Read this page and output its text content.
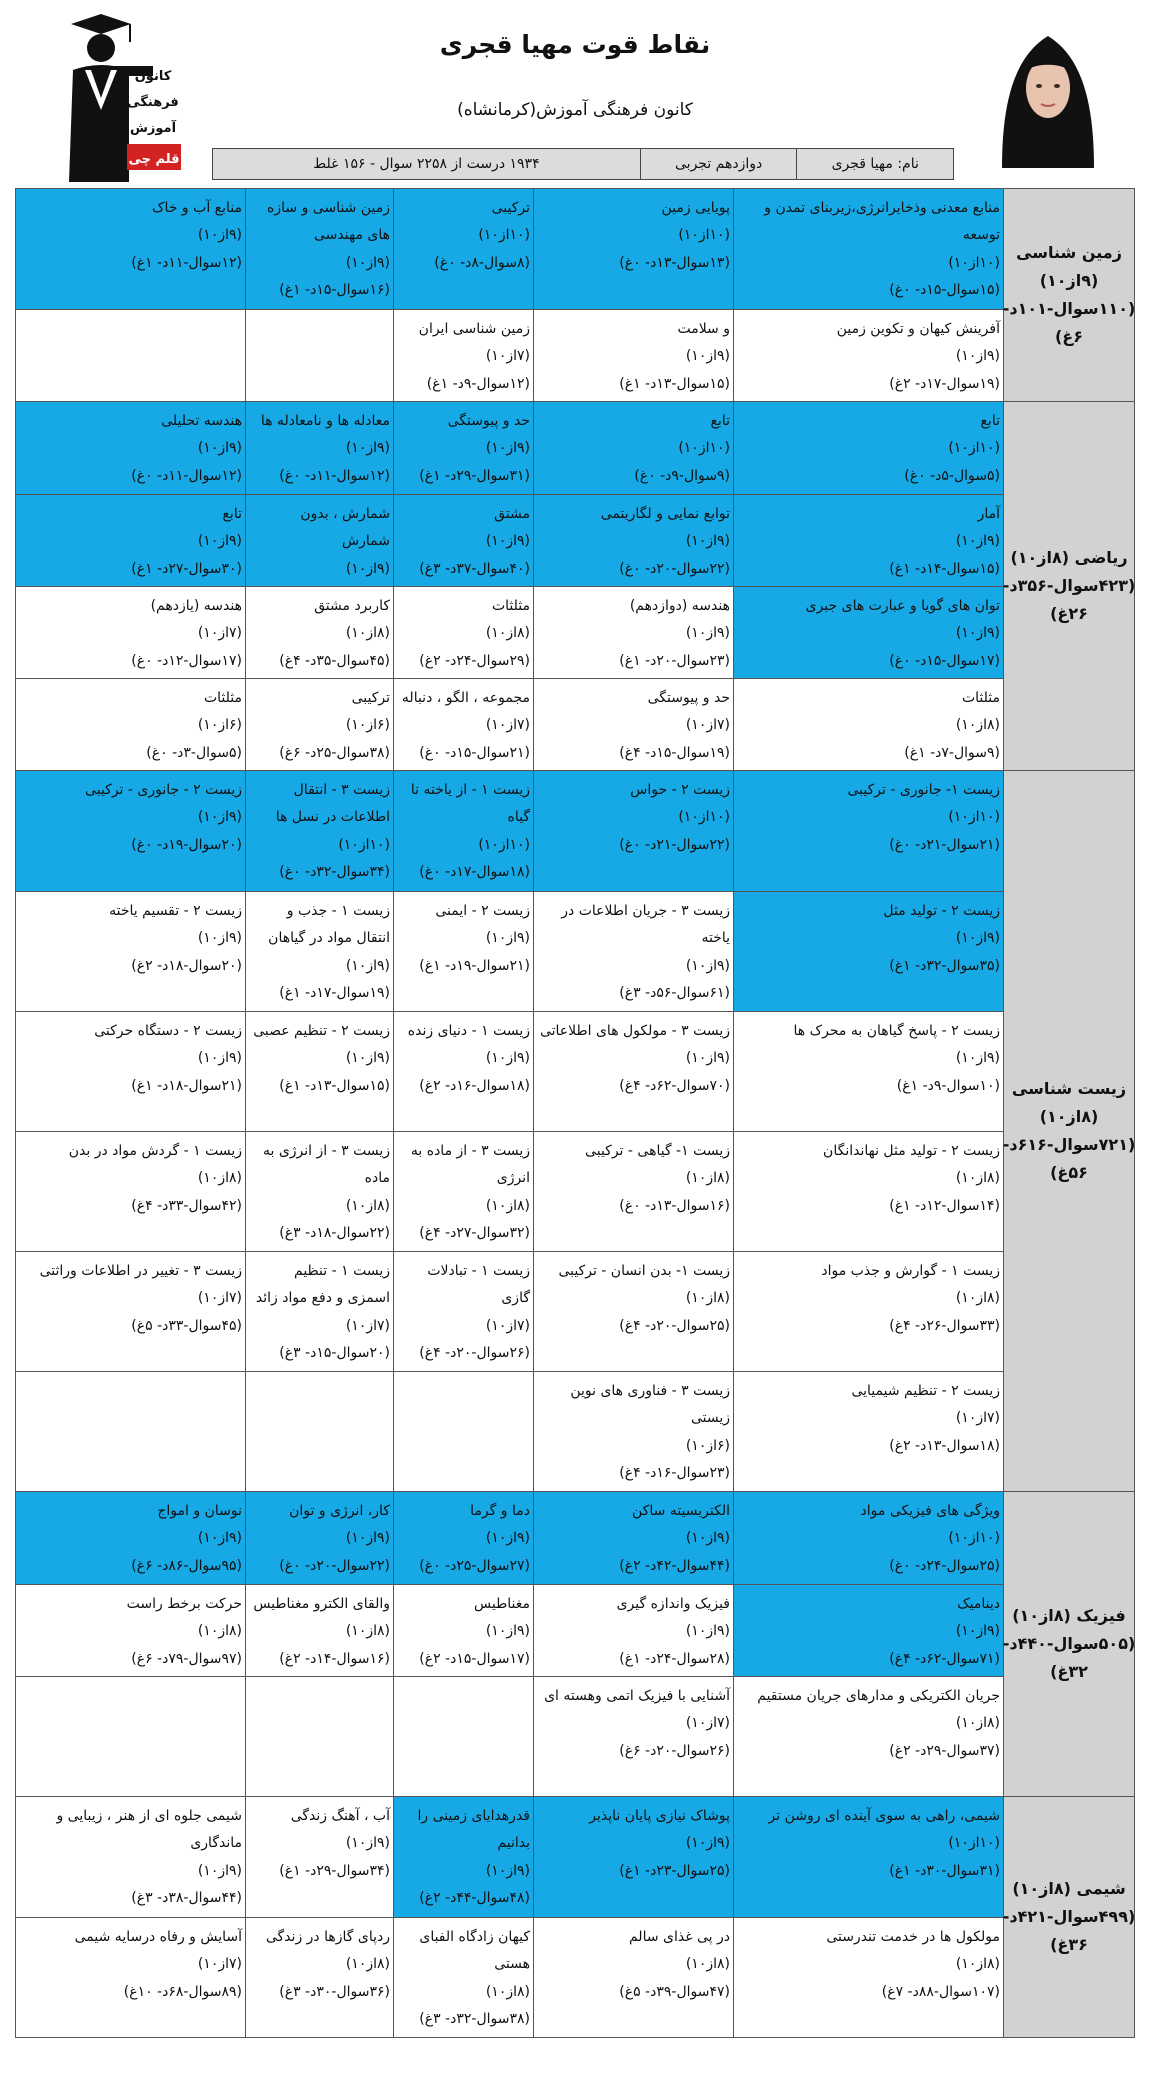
نقاط قوت مهیا قجری
کانون فرهنگی آموزش(کرمانشاه)
کانون
فرهنگی
آموزش
قلم چی	نام: مهیا قجری
دوازدهم تجربی
۱۹۳۴ درست از ۲۲۵۸ سوال - ۱۵۶ غلط
زمین شناسی (۹از۱۰) (۱۱۰سوال-۱۰۱د- ۶غ)
منابع معدنی وذخایرانرژی،زیربنای تمدن و توسعه
(۱۰از۱۰)
(۱۵سوال-۱۵د- ۰غ)
پویایی زمین
(۱۰از۱۰)
(۱۳سوال-۱۳د- ۰غ)
ترکیبی
(۱۰از۱۰)
(۸سوال-۸د- ۰غ)
زمین شناسی و سازه های مهندسی
(۹از۱۰)
(۱۶سوال-۱۵د- ۱غ)
منابع آب و خاک
(۹از۱۰)
(۱۲سوال-۱۱د- ۱غ)
آفرینش کیهان و تکوین زمین
(۹از۱۰)
(۱۹سوال-۱۷د- ۲غ)
و سلامت
(۹از۱۰)
(۱۵سوال-۱۳د- ۱غ)
زمین شناسی ایران
(۷از۱۰)
(۱۲سوال-۹د- ۱غ)
ریاضی (۸از۱۰) (۴۲۳سوال-۳۵۶د- ۲۶غ)
تابع
(۱۰از۱۰)
(۵سوال-۵د- ۰غ)
تابع
(۱۰از۱۰)
(۹سوال-۹د- ۰غ)
حد و پیوستگی
(۹از۱۰)
(۳۱سوال-۲۹د- ۱غ)
معادله ها و نامعادله ها
(۹از۱۰)
(۱۲سوال-۱۱د- ۰غ)
هندسه تحلیلی
(۹از۱۰)
(۱۲سوال-۱۱د- ۰غ)
آمار
(۹از۱۰)
(۱۵سوال-۱۴د- ۱غ)
توابع نمایی و لگاریتمی
(۹از۱۰)
(۲۲سوال-۲۰د- ۰غ)
مشتق
(۹از۱۰)
(۴۰سوال-۳۷د- ۳غ)
شمارش ، بدون شمارش
(۹از۱۰)
تابع
(۹از۱۰)
(۳۰سوال-۲۷د- ۱غ)
توان های گویا و عبارت های جبری
(۹از۱۰)
(۱۷سوال-۱۵د- ۰غ)
هندسه (دوازدهم)
(۹از۱۰)
(۲۳سوال-۲۰د- ۱غ)
مثلثات
(۸از۱۰)
(۲۹سوال-۲۴د- ۲غ)
کاربرد مشتق
(۸از۱۰)
(۴۵سوال-۳۵د- ۴غ)
هندسه (یازدهم)
(۷از۱۰)
(۱۷سوال-۱۲د- ۰غ)
مثلثات
(۸از۱۰)
(۹سوال-۷د- ۱غ)
حد و پیوستگی
(۷از۱۰)
(۱۹سوال-۱۵د- ۴غ)
مجموعه ، الگو ، دنباله
(۷از۱۰)
(۲۱سوال-۱۵د- ۰غ)
ترکیبی
(۶از۱۰)
(۳۸سوال-۲۵د- ۶غ)
مثلثات
(۶از۱۰)
(۵سوال-۳د- ۰غ)
زیست شناسی (۸از۱۰) (۷۲۱سوال-۶۱۶د- ۵۶غ)
زیست ۱- جانوری - ترکیبی
(۱۰از۱۰)
(۲۱سوال-۲۱د- ۰غ)
زیست ۲ - حواس
(۱۰از۱۰)
(۲۲سوال-۲۱د- ۰غ)
زیست ۱ - از یاخته تا گیاه
(۱۰از۱۰)
(۱۸سوال-۱۷د- ۰غ)
زیست ۳ - انتقال اطلاعات در نسل ها
(۱۰از۱۰)
(۳۴سوال-۳۲د- ۰غ)
زیست ۲ - جانوری - ترکیبی
(۹از۱۰)
(۲۰سوال-۱۹د- ۰غ)
زیست ۲ - تولید مثل
(۹از۱۰)
(۳۵سوال-۳۲د- ۱غ)
زیست ۳ - جریان اطلاعات در یاخته
(۹از۱۰)
(۶۱سوال-۵۶د- ۳غ)
زیست ۲ - ایمنی
(۹از۱۰)
(۲۱سوال-۱۹د- ۱غ)
زیست ۱ - جذب و انتقال مواد در گیاهان
(۹از۱۰)
(۱۹سوال-۱۷د- ۱غ)
زیست ۲ - تقسیم یاخته
(۹از۱۰)
(۲۰سوال-۱۸د- ۲غ)
زیست ۲ - پاسخ گیاهان به محرک ها
(۹از۱۰)
(۱۰سوال-۹د- ۱غ)
زیست ۳ - مولکول های اطلاعاتی
(۹از۱۰)
(۷۰سوال-۶۲د- ۴غ)
زیست ۱ - دنیای زنده
(۹از۱۰)
(۱۸سوال-۱۶د- ۲غ)
زیست ۲ - تنظیم عصبی
(۹از۱۰)
(۱۵سوال-۱۳د- ۱غ)
زیست ۲ - دستگاه حرکتی
(۹از۱۰)
(۲۱سوال-۱۸د- ۱غ)
زیست ۲ - تولید مثل نهاندانگان
(۸از۱۰)
(۱۴سوال-۱۲د- ۱غ)
زیست ۱- گیاهی - ترکیبی
(۸از۱۰)
(۱۶سوال-۱۳د- ۰غ)
زیست ۳ - از ماده به انرژی
(۸از۱۰)
(۳۲سوال-۲۷د- ۴غ)
زیست ۳ - از انرژی به ماده
(۸از۱۰)
(۲۲سوال-۱۸د- ۳غ)
زیست ۱ - گردش مواد در بدن
(۸از۱۰)
(۴۲سوال-۳۳د- ۴غ)
زیست ۱ - گوارش و جذب مواد
(۸از۱۰)
(۳۳سوال-۲۶د- ۴غ)
زیست ۱- بدن انسان - ترکیبی
(۸از۱۰)
(۲۵سوال-۲۰د- ۴غ)
زیست ۱ - تبادلات گازی
(۷از۱۰)
(۲۶سوال-۲۰د- ۴غ)
زیست ۱ - تنظیم اسمزی و دفع مواد زائد
(۷از۱۰)
(۲۰سوال-۱۵د- ۳غ)
زیست ۳ - تغییر در اطلاعات وراثتی
(۷از۱۰)
(۴۵سوال-۳۳د- ۵غ)
زیست ۲ - تنظیم شیمیایی
(۷از۱۰)
(۱۸سوال-۱۳د- ۲غ)
زیست ۳ - فناوری های نوین زیستی
(۶از۱۰)
(۲۳سوال-۱۶د- ۴غ)
فیزیک (۸از۱۰) (۵۰۵سوال-۴۴۰د- ۳۲غ)
ویژگی های فیزیکی مواد
(۱۰از۱۰)
(۲۵سوال-۲۴د- ۰غ)
الکتریسیته ساکن
(۹از۱۰)
(۴۴سوال-۴۲د- ۲غ)
دما و گرما
(۹از۱۰)
(۲۷سوال-۲۵د- ۰غ)
کار، انرژی و توان
(۹از۱۰)
(۲۲سوال-۲۰د- ۰غ)
نوسان و امواج
(۹از۱۰)
(۹۵سوال-۸۶د- ۶غ)
دینامیک
(۹از۱۰)
(۷۱سوال-۶۲د- ۴غ)
فیزیک واندازه گیری
(۹از۱۰)
(۲۸سوال-۲۴د- ۱غ)
مغناطیس
(۹از۱۰)
(۱۷سوال-۱۵د- ۲غ)
والقای الکترو مغناطیس
(۸از۱۰)
(۱۶سوال-۱۴د- ۲غ)
حرکت برخط راست
(۸از۱۰)
(۹۷سوال-۷۹د- ۶غ)
جریان الکتریکی و مدارهای جریان مستقیم
(۸از۱۰)
(۳۷سوال-۲۹د- ۲غ)
آشنایی با فیزیک اتمی وهسته ای
(۷از۱۰)
(۲۶سوال-۲۰د- ۶غ)
شیمی (۸از۱۰) (۴۹۹سوال-۴۲۱د- ۳۶غ)
شیمی، راهی به سوی آینده ای روشن تر
(۱۰از۱۰)
(۳۱سوال-۳۰د- ۱غ)
پوشاک نیازی پایان ناپذیر
(۹از۱۰)
(۲۵سوال-۲۳د- ۱غ)
قدرهدایای زمینی را بدانیم
(۹از۱۰)
(۴۸سوال-۴۴د- ۲غ)
آب ، آهنگ زندگی
(۹از۱۰)
(۳۴سوال-۲۹د- ۱غ)
شیمی جلوه ای از هنر ، زیبایی و ماندگاری
(۹از۱۰)
(۴۴سوال-۳۸د- ۳غ)
مولکول ها در خدمت تندرستی
(۸از۱۰)
(۱۰۷سوال-۸۸د- ۷غ)
در پی غذای سالم
(۸از۱۰)
(۴۷سوال-۳۹د- ۵غ)
کیهان زادگاه الفبای هستی
(۸از۱۰)
(۳۸سوال-۳۲د- ۳غ)
ردپای گازها در زندگی
(۸از۱۰)
(۳۶سوال-۳۰د- ۳غ)
آسایش و رفاه درسایه شیمی
(۷از۱۰)
(۸۹سوال-۶۸د- ۱۰غ)
